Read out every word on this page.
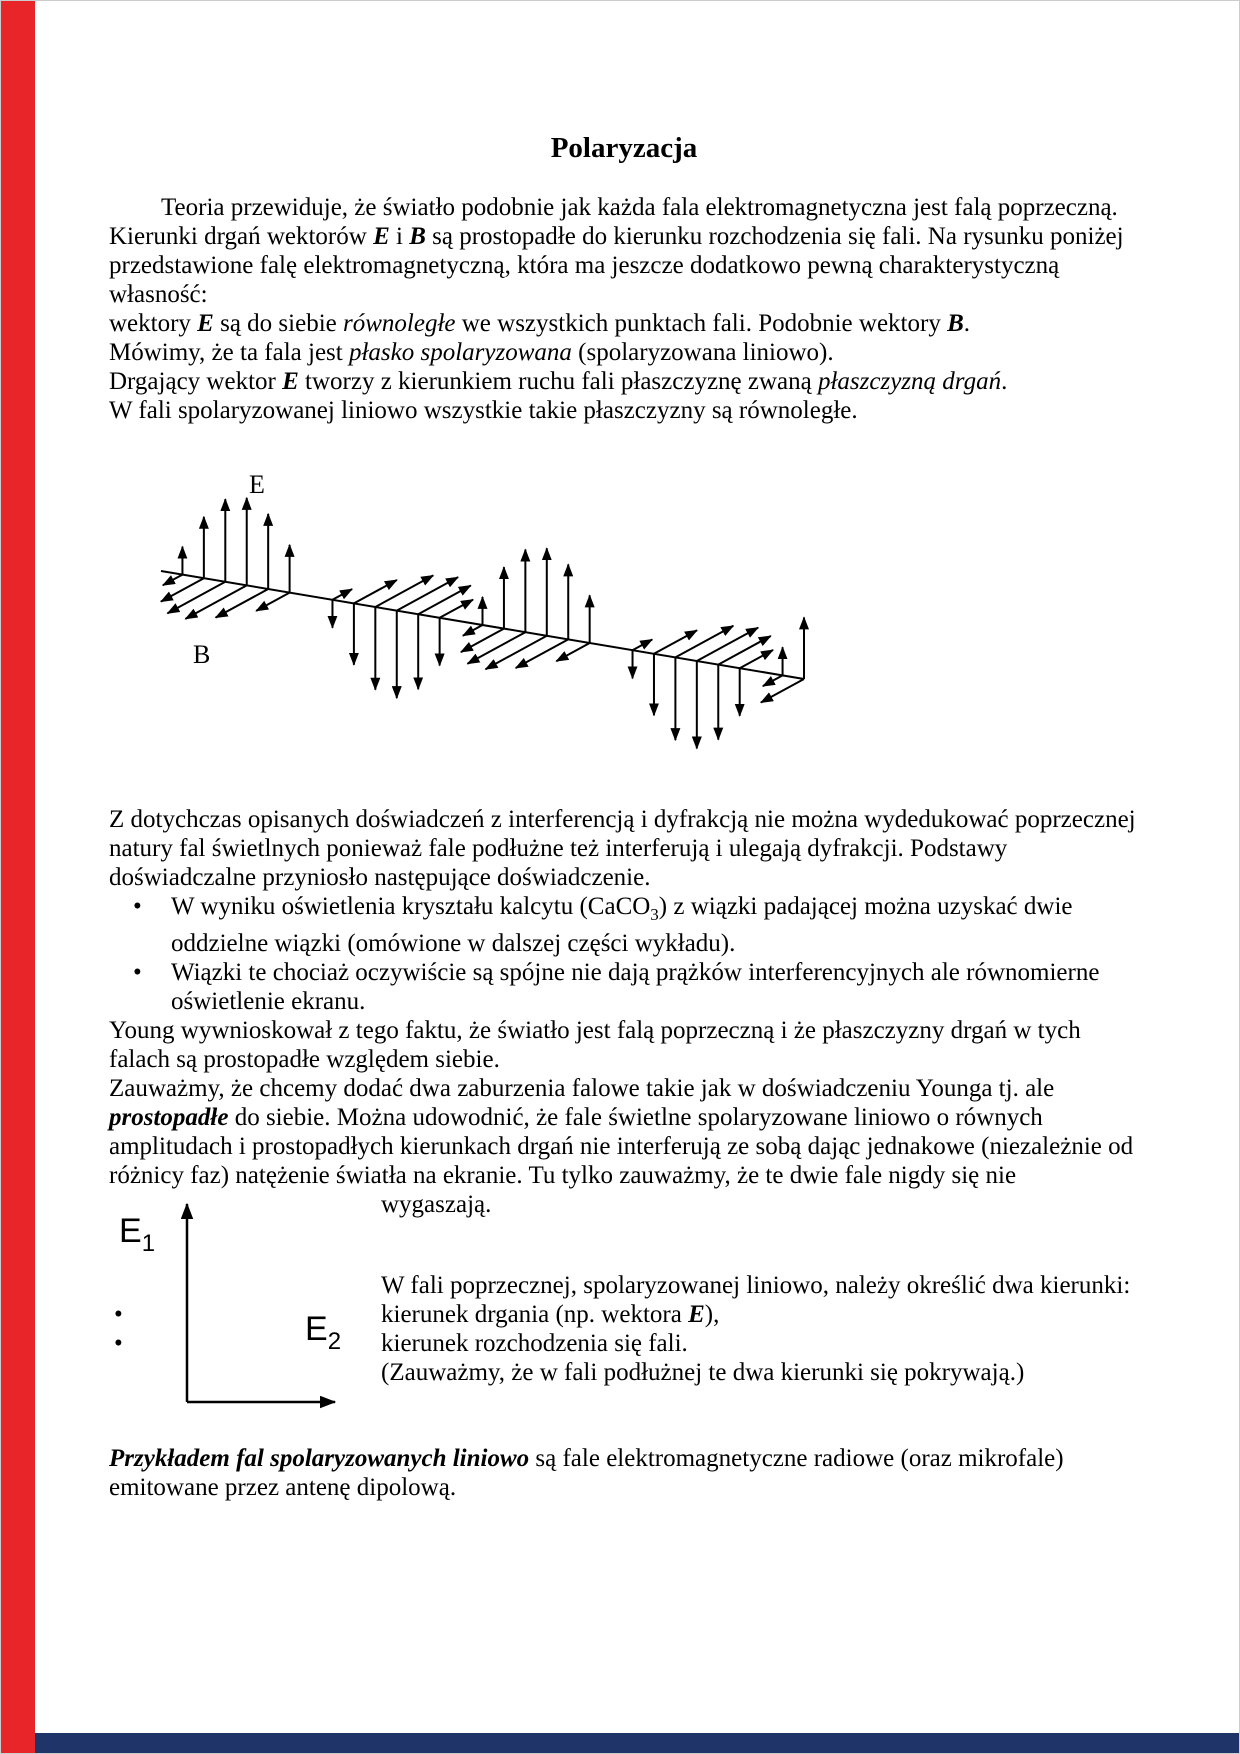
Polaryzacja

Teoria przewiduje, że światło podobnie jak każda fala elektromagnetyczna jest falą poprzeczną. Kierunki drgań wektorów E i B są prostopadłe do kierunku rozchodzenia się fali. Na rysunku poniżej przedstawione falę elektromagnetyczną, która ma jeszcze dodatkowo pewną charakterystyczną własność:

wektory E są do siebie równoległe we wszystkich punktach fali. Podobnie wektory B.

Mówimy, że ta fala jest płasko spolaryzowana (spolaryzowana liniowo).

Drgający wektor E tworzy z kierunkiem ruchu fali płaszczyznę zwaną płaszczyzną drgań.

W fali spolaryzowanej liniowo wszystkie takie płaszczyzny są równoległe.

E
B

Z dotychczas opisanych doświadczeń z interferencją i dyfrakcją nie można wydedukować poprzecznej natury fal świetlnych ponieważ fale podłużne też interferują i ulegają dyfrakcji. Podstawy doświadczalne przyniosło następujące doświadczenie.

• W wyniku oświetlenia kryształu kalcytu (CaCO$_3$) z wiązki padającej można uzyskać dwie oddzielne wiązki (omówione w dalszej części wykładu).
• Wiązki te chociaż oczywiście są spójne nie dają prążków interferencyjnych ale równomierne oświetlenie ekranu.

Young wywnioskował z tego faktu, że światło jest falą poprzeczną i że płaszczyzny drgań w tych falach są prostopadłe względem siebie.

Zauważmy, że chcemy dodać dwa zaburzenia falowe takie jak w doświadczeniu Younga tj. ale prostopadłe do siebie. Można udowodnić, że fale świetlne spolaryzowane liniowo o równych amplitudach i prostopadłych kierunkach drgań nie interferują ze sobą dając jednakowe (niezależnie od różnicy faz) natężenie światła na ekranie. Tu tylko zauważmy, że te dwie fale nigdy się nie

$E_1$
$E_2$

wygaszają.

W fali poprzecznej, spolaryzowanej liniowo, należy określić dwa kierunki:

•	kierunek drgania (np. wektora E),
•	kierunek rozchodzenia się fali.

(Zauważmy, że w fali podłużnej te dwa kierunki się pokrywają.)

Przykładem fal spolaryzowanych liniowo są fale elektromagnetyczne radiowe (oraz mikrofale) emitowane przez antenę dipolową.
